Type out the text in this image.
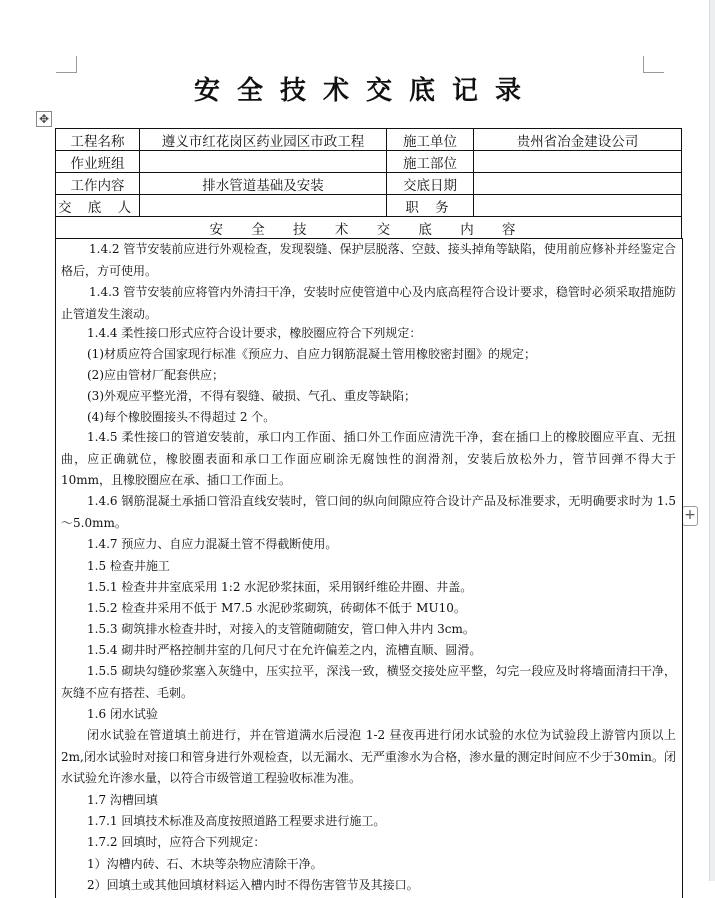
安全技术交底记录
✥
+
工程名称	遵义市红花岗区药业园区市政工程	施工单位	贵州省冶金建设公司
作业班组		施工部位	
工作内容	排水管道基础及安装	交底日期	
交 底 人		职 务	
安 全 技 术 交 底 内 容			
1.4.2 管节安装前应进行外观检查，发现裂缝、保护层脱落、空鼓、接头掉角等缺陷，使用前应修补并经鉴定合格后，方可使用。
1.4.3 管节安装前应将管内外清扫干净，安装时应使管道中心及内底高程符合设计要求，稳管时必须采取措施防止管道发生滚动。
1.4.4 柔性接口形式应符合设计要求，橡胶圈应符合下列规定：
(1)材质应符合国家现行标准《预应力、自应力钢筋混凝土管用橡胶密封圈》的规定；
(2)应由管材厂配套供应；
(3)外观应平整光滑，不得有裂缝、破损、气孔、重皮等缺陷；
(4)每个橡胶圈接头不得超过 2 个。
1.4.5 柔性接口的管道安装前，承口内工作面、插口外工作面应清洗干净，套在插口上的橡胶圈应平直、无扭曲，应正确就位，橡胶圈表面和承口工作面应刷涂无腐蚀性的润滑剂，安装后放松外力，管节回弹不得大于 10mm，且橡胶圈应在承、插口工作面上。
1.4.6 钢筋混凝土承插口管沿直线安装时，管口间的纵向间隙应符合设计产品及标准要求，无明确要求时为 1.5～5.0mm。
1.4.7 预应力、自应力混凝土管不得截断使用。
1.5 检查井施工
1.5.1 检查井井室底采用 1:2 水泥砂浆抹面，采用钢纤维砼井圈、井盖。
1.5.2 检查井采用不低于 M7.5 水泥砂浆砌筑，砖砌体不低于 MU10。
1.5.3 砌筑排水检查井时，对接入的支管随砌随安，管口伸入井内 3cm。
1.5.4 砌井时严格控制井室的几何尺寸在允许偏差之内，流槽直顺、圆滑。
1.5.5 砌块勾缝砂浆塞入灰缝中，压实拉平，深浅一致，横竖交接处应平整，勾完一段应及时将墙面清扫干净，灰缝不应有搭茬、毛刺。
1.6 闭水试验
闭水试验在管道填土前进行，并在管道满水后浸泡 1-2 昼夜再进行闭水试验的水位为试验段上游管内顶以上 2m,闭水试验时对接口和管身进行外观检查，以无漏水、无严重渗水为合格，渗水量的测定时间应不少于30min。闭水试验允许渗水量，以符合市级管道工程验收标准为准。
1.7 沟槽回填
1.7.1 回填技术标准及高度按照道路工程要求进行施工。
1.7.2 回填时，应符合下列规定：
1）沟槽内砖、石、木块等杂物应清除干净。
2）回填土或其他回填材料运入槽内时不得伤害管节及其接口。
